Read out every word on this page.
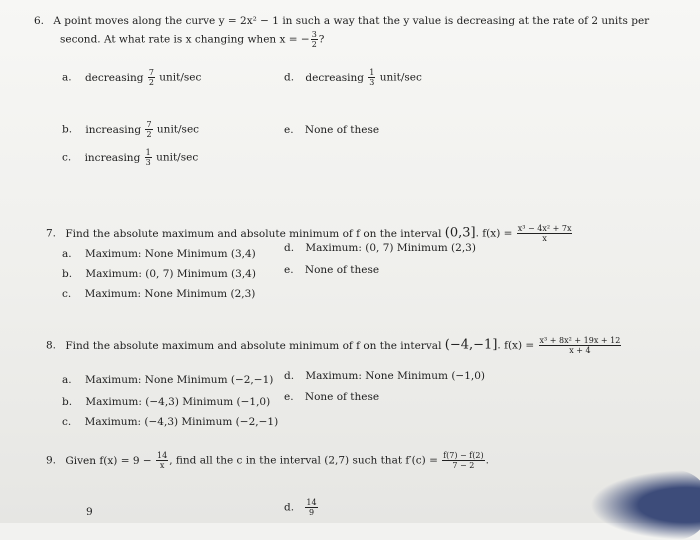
6. A point moves along the curve y = 2x² − 1 in such a way that the y value is decreasing at the rate of 2 units per
second. At what rate is x changing when x = − $\frac{3}{2}$ ?
a. decreasing $\frac{7}{2}$ unit/sec	d. decreasing $\frac{1}{3}$ unit/sec
b. increasing $\frac{7}{2}$ unit/sec	e. None of these
c. increasing $\frac{1}{3}$ unit/sec
7. Find the absolute maximum and absolute minimum of f on the interval (0,3]. $f(x) = \frac{\text{x³ − 4x² + 7x}}{x}$
a. Maximum: None Minimum (3,4)	d. Maximum: (0, 7) Minimum (2,3)
b. Maximum: (0, 7) Minimum (3,4)	e. None of these
c. Maximum: None Minimum (2,3)
8. Find the absolute maximum and absolute minimum of f on the interval (−4,−1]. $f(x) = \frac{\text{x³ + 8x² + 19x + 12}}{x + 4}$
a. Maximum: None Minimum (−2,−1) d. Maximum: None Minimum (−1,0)
b. Maximum: (−4,3) Minimum (−1,0) e. None of these
c. Maximum: (−4,3) Minimum (−2,−1)
9. Given $f(x) = 9 - \frac{14}{x}$ , find all the c in the interval (2,7) such that $f'(c) = \frac{f(7) - f(2)}{7 - 2}$ .
9	d. $\frac{14}{9}$
